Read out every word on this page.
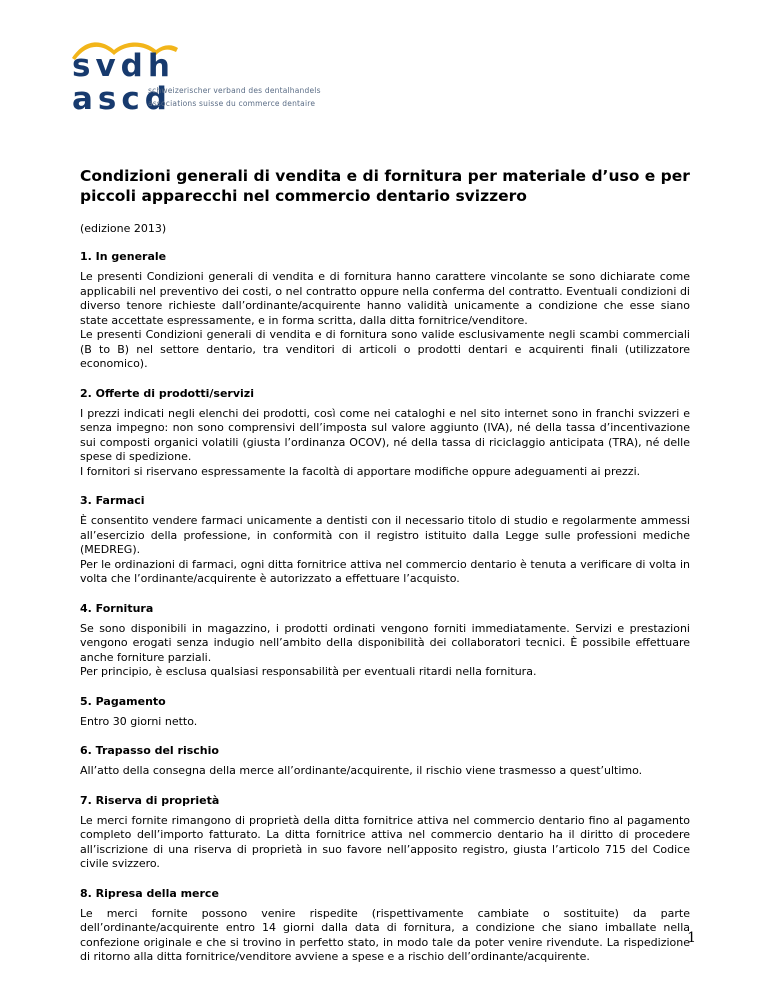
svdh
ascd
schweizerischer verband des dentalhandels
associations suisse du commerce dentaire
Condizioni generali di vendita e di fornitura per materiale d’uso e per piccoli apparecchi nel commercio dentario svizzero

(edizione 2013)

1. In generale

Le presenti Condizioni generali di vendita e di fornitura hanno carattere vincolante se sono dichiarate come applicabili nel preventivo dei costi, o nel contratto oppure nella conferma del contratto. Eventuali condizioni di diverso tenore richieste dall’ordinante/acquirente hanno validità unicamente a condizione che esse siano state accettate espressamente, e in forma scritta, dalla ditta fornitrice/venditore.

Le presenti Condizioni generali di vendita e di fornitura sono valide esclusivamente negli scambi commerciali (B to B) nel settore dentario, tra venditori di articoli o prodotti dentari e acquirenti finali (utilizzatore economico).

2. Offerte di prodotti/servizi

I prezzi indicati negli elenchi dei prodotti, così come nei cataloghi e nel sito internet sono in franchi svizzeri e senza impegno: non sono comprensivi dell’imposta sul valore aggiunto (IVA), né della tassa d’incentivazione sui composti organici volatili (giusta l’ordinanza OCOV), né della tassa di riciclaggio anticipata (TRA), né delle spese di spedizione.

I fornitori si riservano espressamente la facoltà di apportare modifiche oppure adeguamenti ai prezzi.

3. Farmaci

È consentito vendere farmaci unicamente a dentisti con il necessario titolo di studio e regolarmente ammessi all’esercizio della professione, in conformità con il registro istituito dalla Legge sulle professioni mediche (MEDREG).

Per le ordinazioni di farmaci, ogni ditta fornitrice attiva nel commercio dentario è tenuta a verificare di volta in volta che l’ordinante/acquirente è autorizzato a effettuare l’acquisto.

4. Fornitura

Se sono disponibili in magazzino, i prodotti ordinati vengono forniti immediatamente. Servizi e prestazioni vengono erogati senza indugio nell’ambito della disponibilità dei collaboratori tecnici. È possibile effettuare anche forniture parziali.

Per principio, è esclusa qualsiasi responsabilità per eventuali ritardi nella fornitura.

5. Pagamento

Entro 30 giorni netto.

6. Trapasso del rischio

All’atto della consegna della merce all’ordinante/acquirente, il rischio viene trasmesso a quest’ultimo.

7. Riserva di proprietà

Le merci fornite rimangono di proprietà della ditta fornitrice attiva nel commercio dentario fino al pagamento completo dell’importo fatturato. La ditta fornitrice attiva nel commercio dentario ha il diritto di procedere all’iscrizione di una riserva di proprietà in suo favore nell’apposito registro, giusta l’articolo 715 del Codice civile svizzero.

8. Ripresa della merce

Le merci fornite possono venire rispedite (rispettivamente cambiate o sostituite) da parte dell’ordinante/acquirente entro 14 giorni dalla data di fornitura, a condizione che siano imballate nella confezione originale e che si trovino in perfetto stato, in modo tale da poter venire rivendute. La rispedizione di ritorno alla ditta fornitrice/venditore avviene a spese e a rischio dell’ordinante/acquirente.

1
